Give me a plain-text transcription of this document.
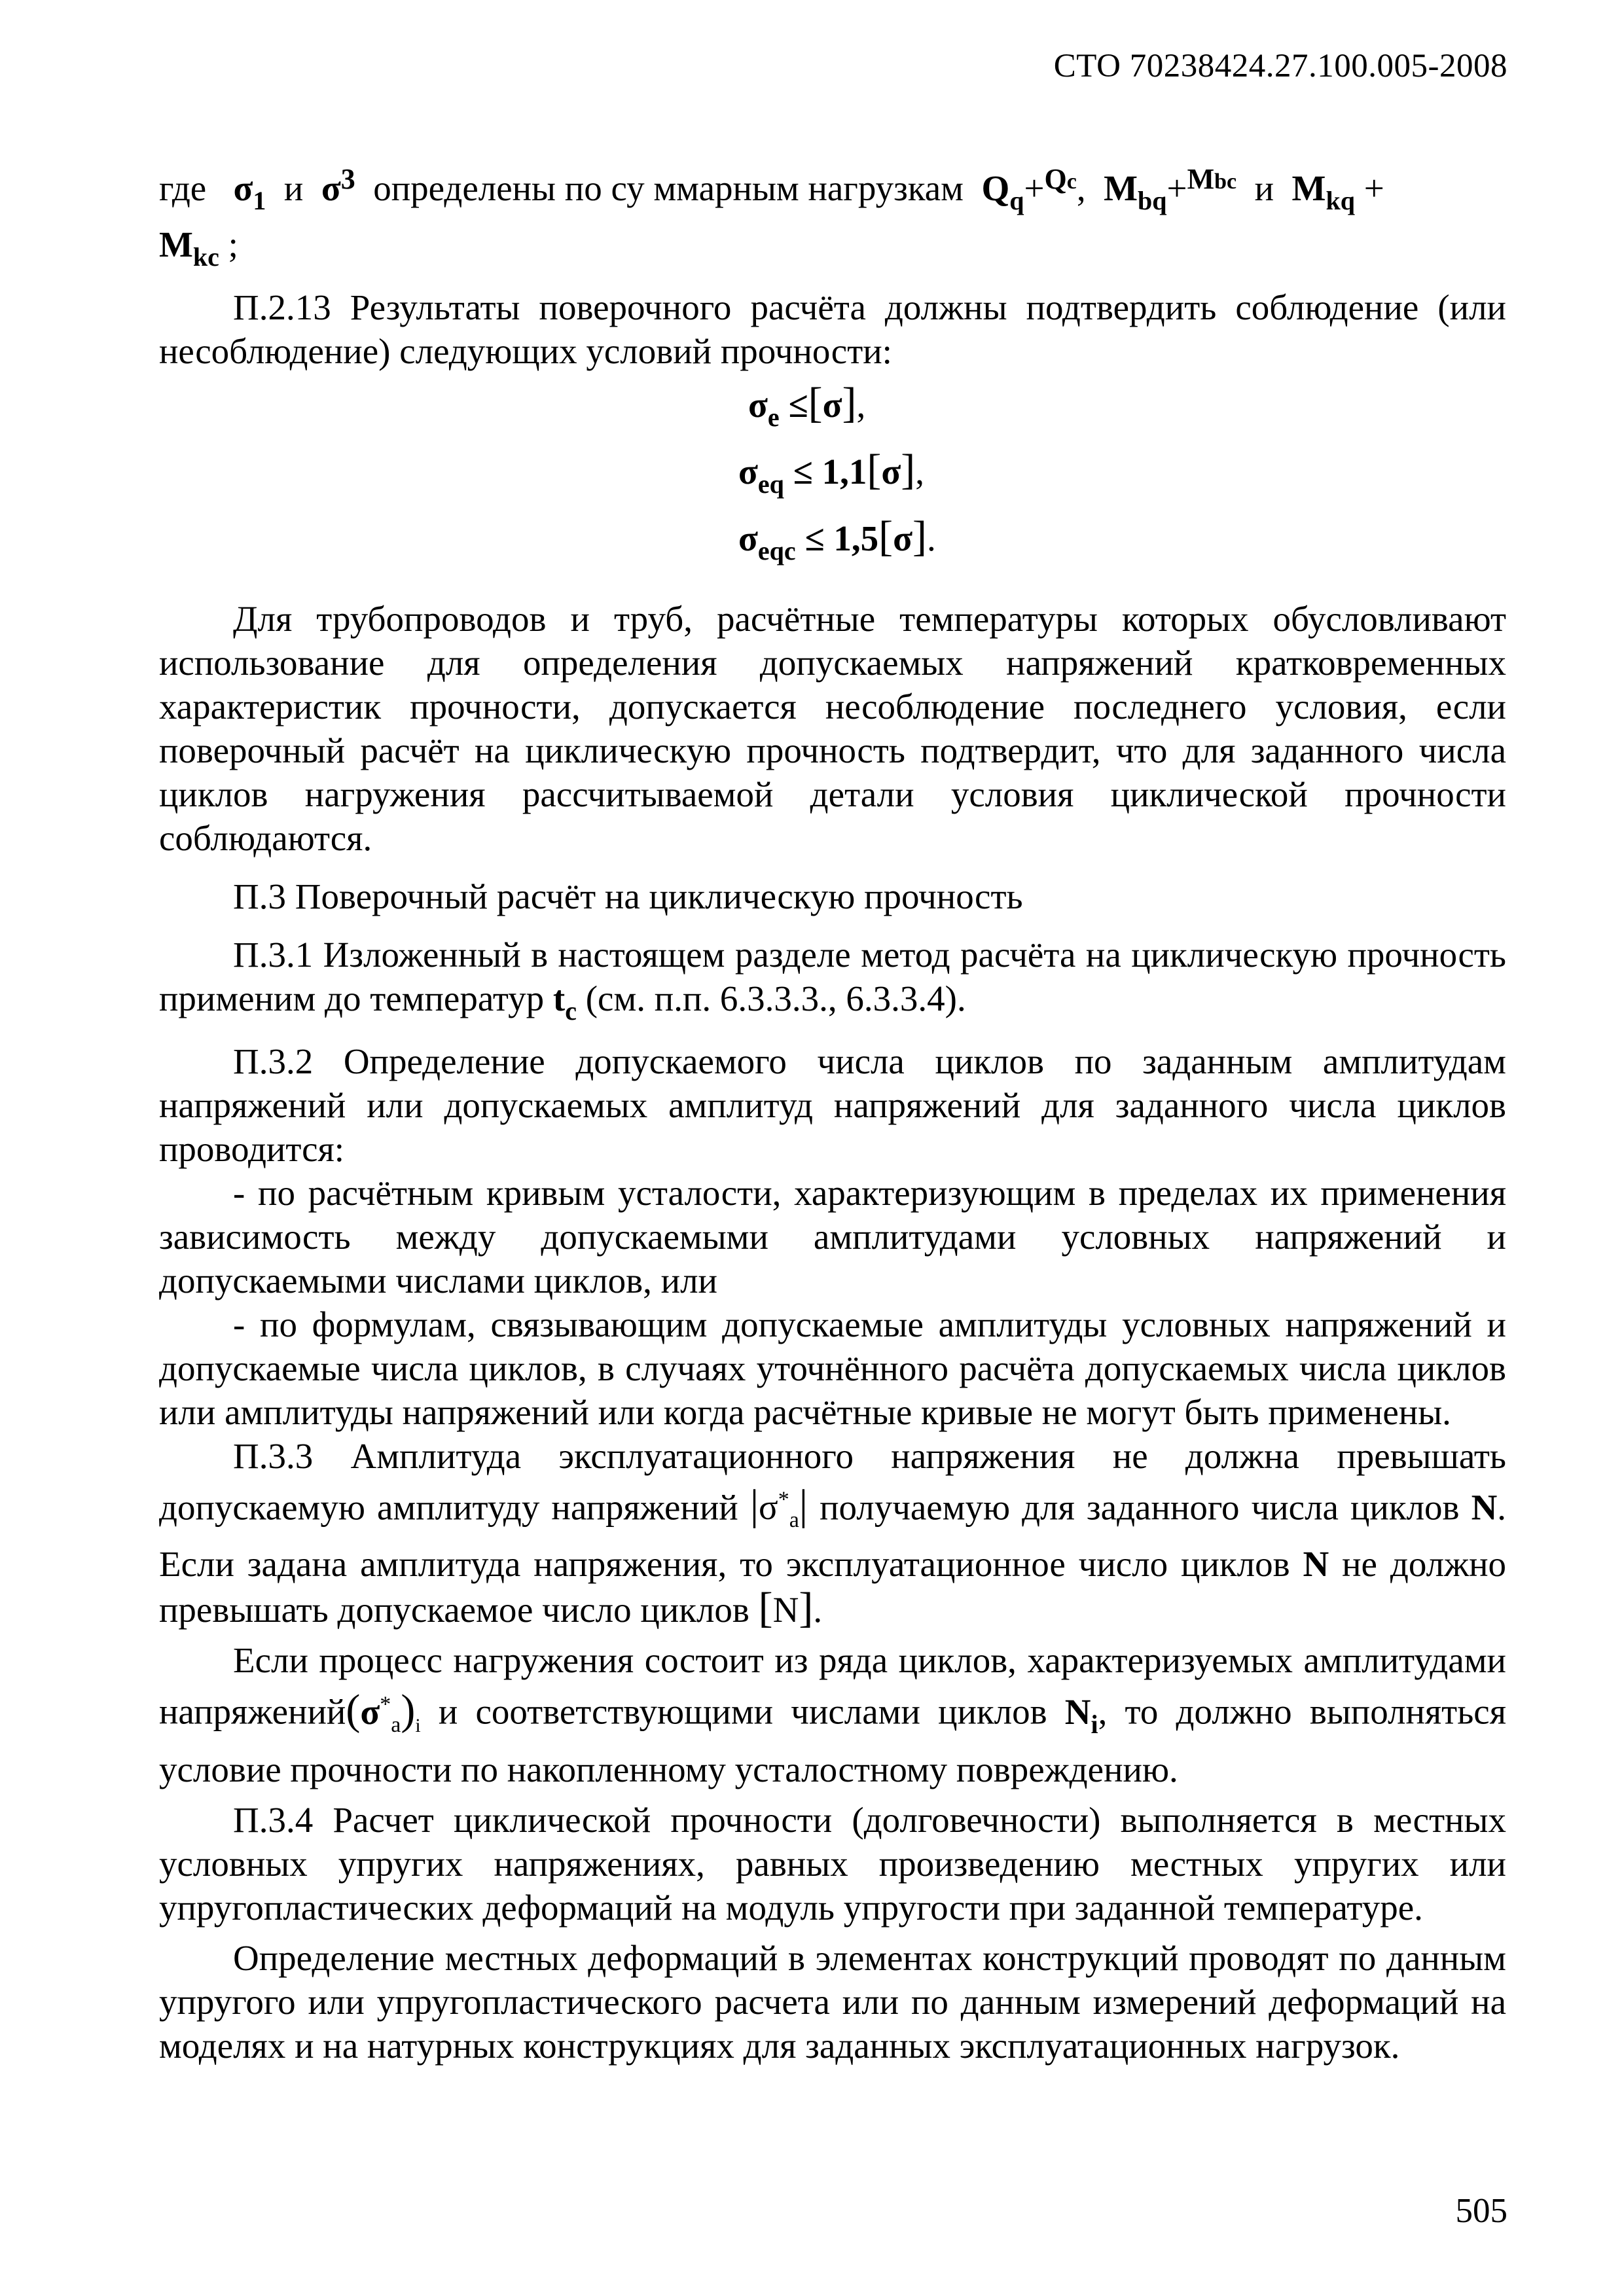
СТО 70238424.27.100.005-2008

где $\sigma_1$ и $\sigma^3$ определены по су ммарным нагрузкам $Q_q+^{Qc}$, $M_{bq}+^{Mbc}$ и $M_{kq}$ +
$M_{kc}$ ;

П.2.13 Результаты поверочного расчёта должны подтвердить соблюдение (или несоблюдение) следующих условий прочности:

$\sigma_e \le[\sigma]$,
$\sigma_{eq} \le 1,1[\sigma]$,
$\sigma_{eqc} \le 1,5[\sigma]$.

Для трубопроводов и труб, расчётные температуры которых обусловливают использование для определения допускаемых напряжений кратковременных характеристик прочности, допускается несоблюдение последнего условия, если поверочный расчёт на циклическую прочность подтвердит, что для заданного числа циклов нагружения рассчитываемой детали условия циклической прочности соблюдаются.

П.3 Поверочный расчёт на циклическую прочность

П.3.1 Изложенный в настоящем разделе метод расчёта на циклическую прочность применим до температур $t_c$ (см. п.п. 6.3.3.3., 6.3.3.4).

П.3.2 Определение допускаемого числа циклов по заданным амплитудам напряжений или допускаемых амплитуд напряжений для заданного числа циклов проводится:

- по расчётным кривым усталости, характеризующим в пределах их применения зависимость между допускаемыми амплитудами условных напряжений и допускаемыми числами циклов, или

- по формулам, связывающим допускаемые амплитуды условных напряжений и допускаемые числа циклов, в случаях уточнённого расчёта допускаемых числа циклов или амплитуды напряжений или когда расчётные кривые не могут быть применены.

П.3.3 Амплитуда эксплуатационного напряжения не должна превышать допускаемую амплитуду напряжений $|\sigma^*_a|$ получаемую для заданного числа циклов N. Если задана амплитуда напряжения, то эксплуатационное число циклов N не должно превышать допускаемое число циклов [N].

Если процесс нагружения состоит из ряда циклов, характеризуемых амплитудами $напряжений(\sigma^*_a)_i$ и соответствующими числами циклов $N_i$, то должно выполняться условие прочности по накопленному усталостному повреждению.

П.3.4 Расчет циклической прочности (долговечности) выполняется в местных условных упругих напряжениях, равных произведению местных упругих или упругопластических деформаций на модуль упругости при заданной температуре.

Определение местных деформаций в элементах конструкций проводят по данным упругого или упругопластического расчета или по данным измерений деформаций на моделях и на натурных конструкциях для заданных эксплуатационных нагрузок.

505
